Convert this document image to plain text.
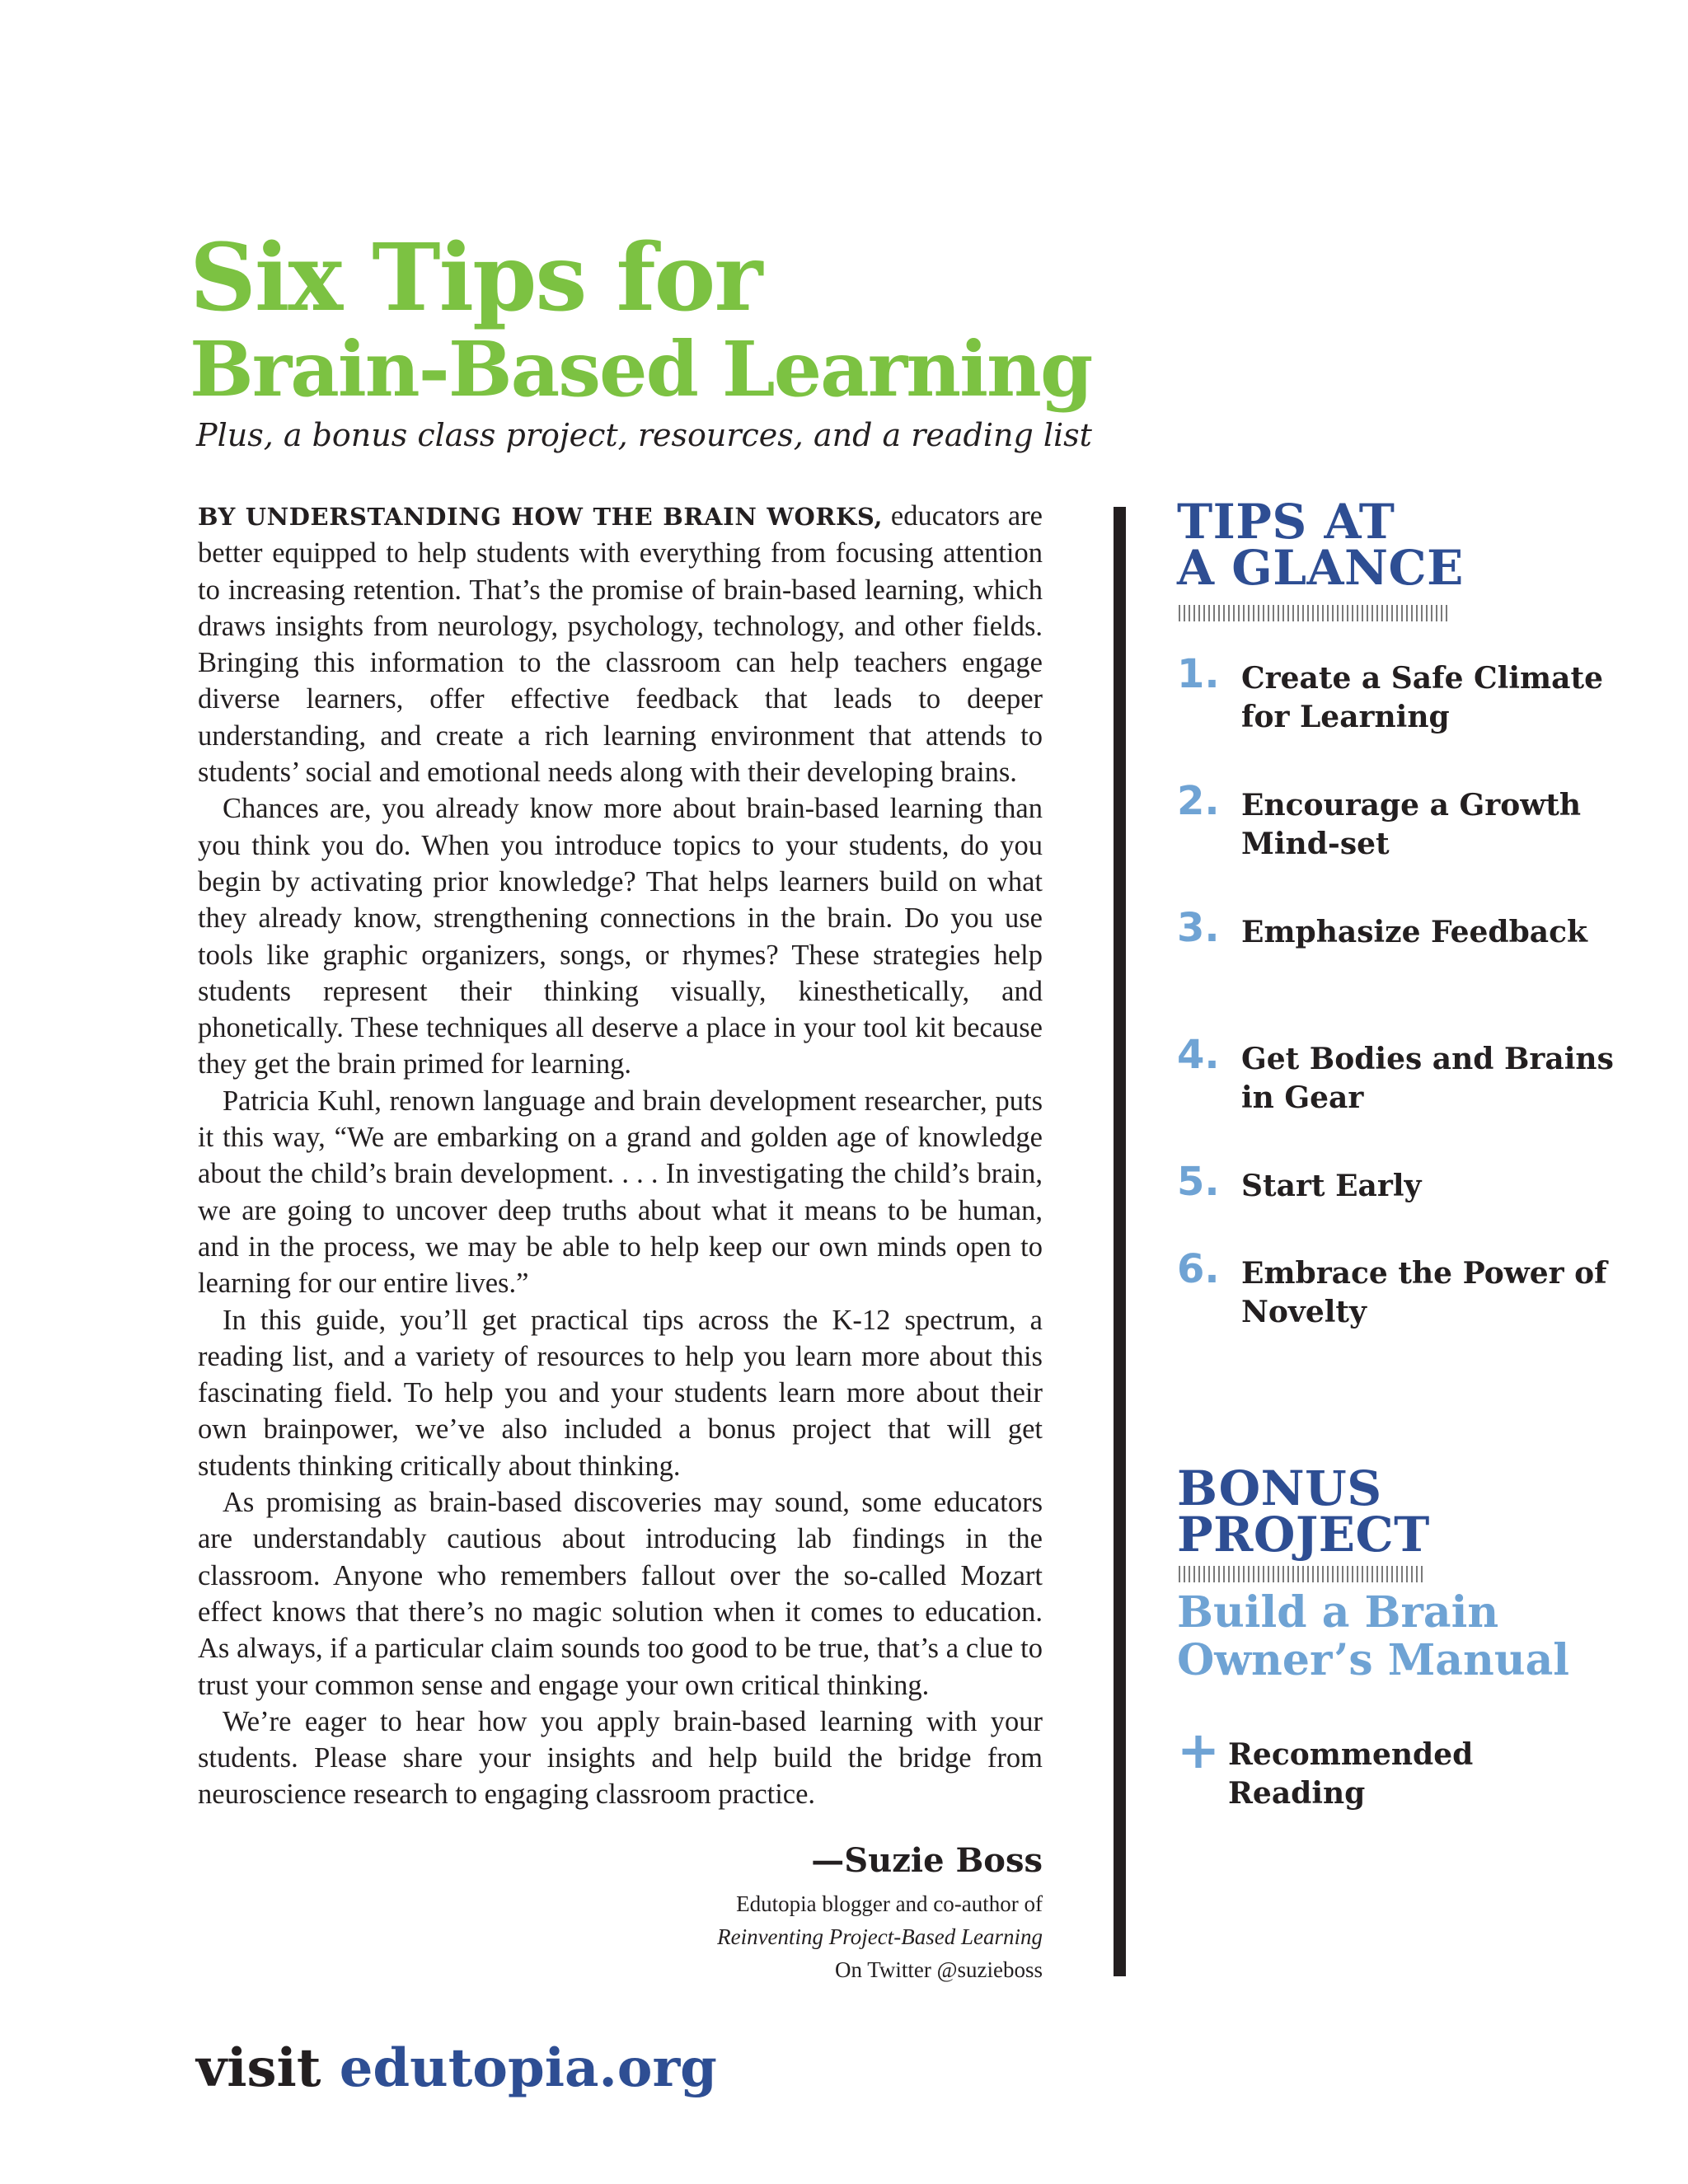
Six Tips for
Brain-Based Learning

Plus, a bonus class project, resources, and a reading list

BY UNDERSTANDING HOW THE BRAIN WORKS, educators are better equipped to help students with everything from focusing attention to increasing retention. That’s the promise of brain-based learning, which draws insights from neurology, psychology, technology, and other fields. Bringing this information to the classroom can help teachers engage diverse learners, offer effective feedback that leads to deeper understanding, and create a rich learning environment that attends to students’ social and emotional needs along with their developing brains.

Chances are, you already know more about brain-based learning than you think you do. When you introduce topics to your students, do you begin by activating prior knowledge? That helps learners build on what they already know, strengthening connections in the brain. Do you use tools like graphic organizers, songs, or rhymes? These strategies help students represent their thinking visually, kinesthetically, and phonetically. These techniques all deserve a place in your tool kit because they get the brain primed for learning.

Patricia Kuhl, renown language and brain development researcher, puts it this way, “We are embarking on a grand and golden age of knowledge about the child’s brain development. . . . In investigating the child’s brain, we are going to uncover deep truths about what it means to be human, and in the process, we may be able to help keep our own minds open to learning for our entire lives.”

In this guide, you’ll get practical tips across the K-12 spectrum, a reading list, and a variety of resources to help you learn more about this fascinating field. To help you and your students learn more about their own brainpower, we’ve also included a bonus project that will get students thinking critically about thinking.

As promising as brain-based discoveries may sound, some educators are understandably cautious about introducing lab findings in the classroom. Anyone who remembers fallout over the so-called Mozart effect knows that there’s no magic solution when it comes to education. As always, if a particular claim sounds too good to be true, that’s a clue to trust your common sense and engage your own critical thinking.

We’re eager to hear how you apply brain-based learning with your students. Please share your insights and help build the bridge from neuroscience research to engaging classroom practice.

—Suzie Boss

Edutopia blogger and co-author of

Reinventing Project-Based Learning

On Twitter @suzieboss

TIPS AT
A GLANCE
1. Create a Safe Climate for Learning
2. Encourage a Growth Mind-set
3. Emphasize Feedback
4. Get Bodies and Brains in Gear
5. Start Early
6. Embrace the Power of Novelty
BONUS
PROJECT

Build a Brain
Owner’s Manual

+ Recommended Reading

visit edutopia.org
